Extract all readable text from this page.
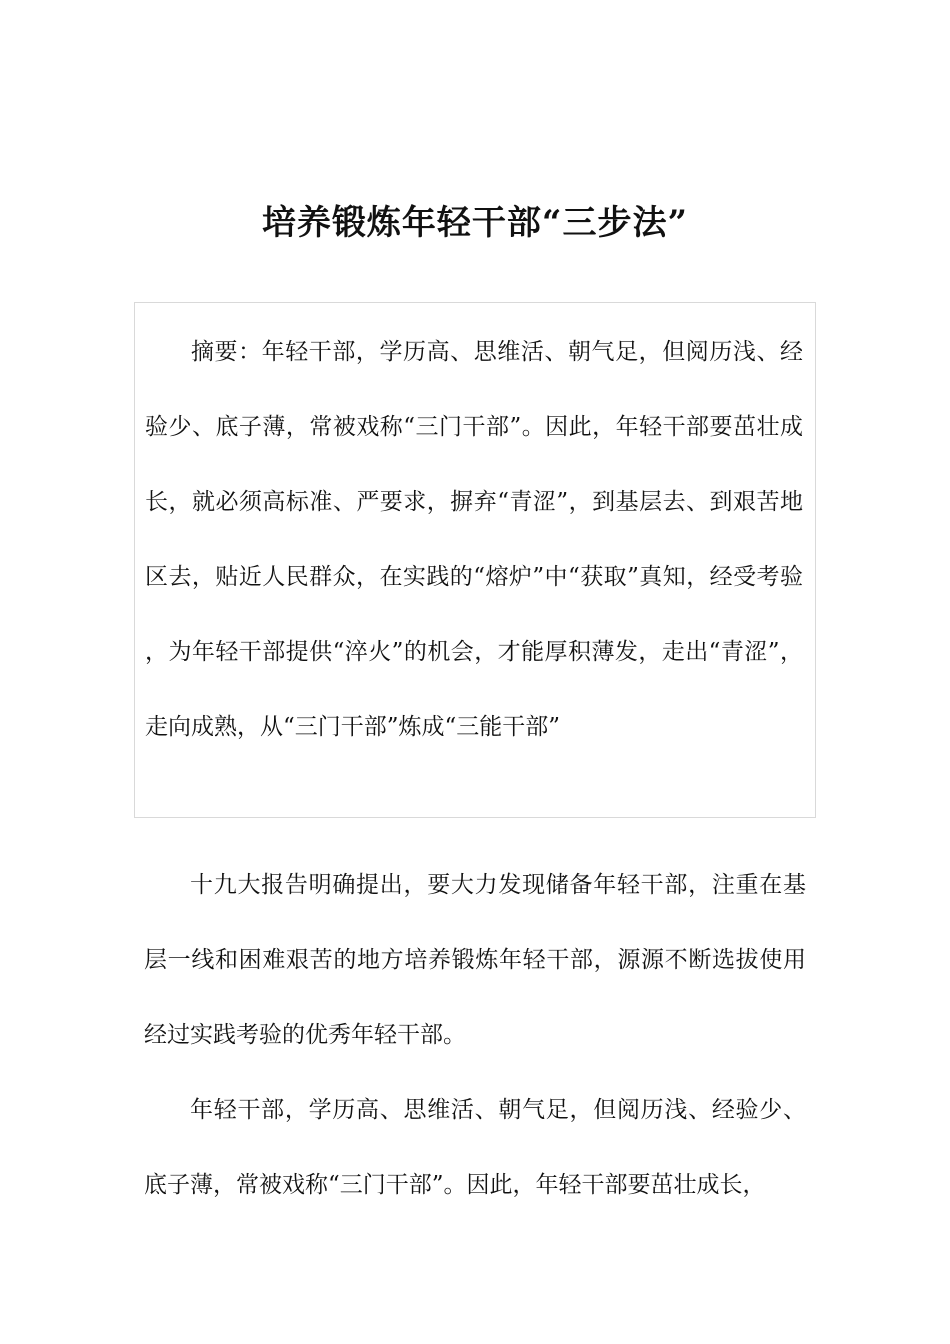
培养锻炼年轻干部“三步法”

摘要：年轻干部，学历高、思维活、朝气足，但阅历浅、经验少、底子薄，常被戏称“三门干部”。因此，年轻干部要茁壮成长，就必须高标准、严要求，摒弃“青涩”，到基层去、到艰苦地区去，贴近人民群众，在实践的“熔炉”中“获取”真知，经受考验，为年轻干部提供“淬火”的机会，才能厚积薄发，走出“青涩”，走向成熟，从“三门干部”炼成“三能干部”

十九大报告明确提出，要大力发现储备年轻干部，注重在基层一线和困难艰苦的地方培养锻炼年轻干部，源源不断选拔使用经过实践考验的优秀年轻干部。

年轻干部，学历高、思维活、朝气足，但阅历浅、经验少、底子薄，常被戏称“三门干部”。因此，年轻干部要茁壮成长，
